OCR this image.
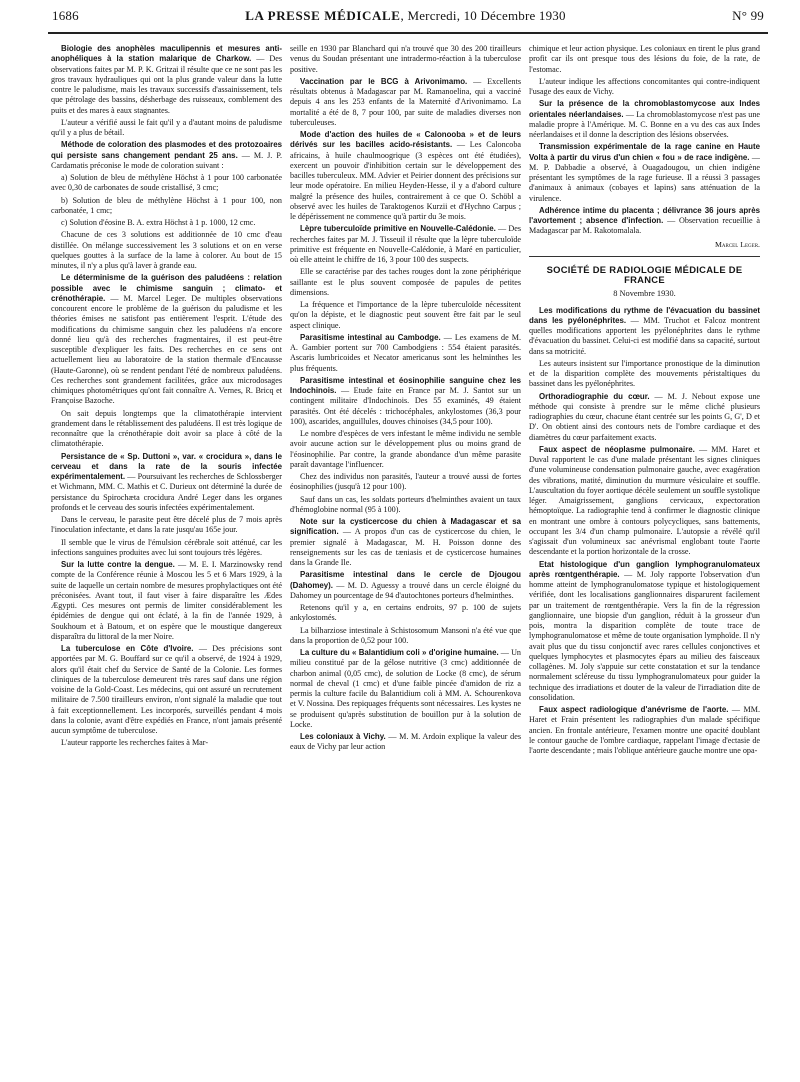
1686	LA PRESSE MÉDICALE, Mercredi, 10 Décembre 1930	N° 99

Biologie des anophèles maculipennis et mesures anti-anophéliques à la station malarique de Charkow. — Des observations faites par M. P. K. Gritzai il résulte que ce ne sont pas les gros travaux hydrauliques qui ont la plus grande valeur dans la lutte contre le paludisme, mais les travaux successifs d'assainissement, tels que pétrolage des bassins, désherbage des ruisseaux, comblement des puits et des mares à eaux stagnantes.

L'auteur a vérifié aussi le fait qu'il y a d'autant moins de paludisme qu'il y a plus de bétail.

Méthode de coloration des plasmodes et des protozoaires qui persiste sans changement pendant 25 ans. — M. J. P. Cardamatis préconise le mode de coloration suivant :

a) Solution de bleu de méthylène Höchst à 1 pour 100 carbonatée avec 0,30 de carbonates de soude cristallisé, 3 cmc;

b) Solution de bleu de méthylène Höchst à 1 pour 100, non carbonatée, 1 cmc;

c) Solution d'éosine B. A. extra Höchst à 1 p. 1000, 12 cmc.

Chacune de ces 3 solutions est additionnée de 10 cmc d'eau distillée. On mélange successivement les 3 solutions et on en verse quelques gouttes à la surface de la lame à colorer. Au bout de 15 minutes, il n'y a plus qu'à laver à grande eau.

Le déterminisme de la guérison des paludéens : relation possible avec le chimisme sanguin ; climato- et crénothérapie. — M. Marcel Leger. De multiples observations concourent encore le problème de la guérison du paludisme et les théories émises ne satisfont pas entièrement l'esprit. L'étude des modifications du chimisme sanguin chez les paludéens n'a encore donné lieu qu'à des recherches fragmentaires, il est peut-être susceptible d'expliquer les faits. Des recherches en ce sens ont actuellement lieu au laboratoire de la station thermale d'Encausse (Haute-Garonne), où se rendent pendant l'été de nombreux paludéens. Ces recherches sont grandement facilitées, grâce aux microdosages chimiques photométriques qu'ont fait connaître A. Vernes, R. Bricq et Françoise Bazoche.

On sait depuis longtemps que la climatothérapie intervient grandement dans le rétablissement des paludéens. Il est très logique de reconnaître que la crénothérapie doit avoir sa place à côté de la climatothérapie.

Persistance de « Sp. Duttoni », var. « crocidura », dans le cerveau et dans la rate de la souris infectée expérimentalement. — Poursuivant les recherches de Schlossberger et Wichmann, MM. C. Mathis et C. Durieux ont déterminé la durée de persistance du Spirochæta crocidura André Leger dans les organes profonds et le cerveau des souris infectées expérimentalement.

Dans le cerveau, le parasite peut être décelé plus de 7 mois après l'inoculation infectante, et dans la rate jusqu'au 165e jour.

Il semble que le virus de l'émulsion cérébrale soit atténué, car les infections sanguines produites avec lui sont toujours très légères.

Sur la lutte contre la dengue. — M. E. I. Marzinowsky rend compte de la Conférence réunie à Moscou les 5 et 6 Mars 1929, à la suite de laquelle un certain nombre de mesures prophylactiques ont été préconisées. Avant tout, il faut viser à faire disparaître les Ædes Ægypti. Ces mesures ont permis de limiter considérablement les épidémies de dengue qui ont éclaté, à la fin de l'année 1929, à Soukhoum et à Batoum, et on espère que le moustique dangereux disparaîtra du littoral de la mer Noire.

La tuberculose en Côte d'Ivoire. — Des précisions sont apportées par M. G. Bouffard sur ce qu'il a observé, de 1924 à 1929, alors qu'il était chef du Service de Santé de la Colonie. Les formes cliniques de la tuberculose demeurent très rares sauf dans une région voisine de la Gold-Coast. Les médecins, qui ont assuré un recrutement militaire de 7.500 tirailleurs environ, n'ont signalé la maladie que tout à fait exceptionnellement. Les incorporés, surveillés pendant 4 mois dans la colonie, avant d'être expédiés en France, n'ont jamais présenté aucun symptôme de tuberculose.

L'auteur rapporte les recherches faites à Mar-

seille en 1930 par Blanchard qui n'a trouvé que 30 des 200 tirailleurs venus du Soudan présentant une intradermo-réaction à la tuberculose positive.

Vaccination par le BCG à Arivonimamo. — Excellents résultats obtenus à Madagascar par M. Ramanoelina, qui a vacciné depuis 4 ans les 253 enfants de la Maternité d'Arivonimamo. La mortalité a été de 8, 7 pour 100, par suite de maladies diverses non tuberculeuses.

Mode d'action des huiles de « Calonooba » et de leurs dérivés sur les bacilles acido-résistants. — Les Caloncoba africains, à huile chaulmoogrique (3 espèces ont été étudiées), exercent un pouvoir d'inhibition certain sur le développement des bacilles tuberculeux. MM. Advier et Peirier donnent des précisions sur leur mode opératoire. En milieu Heyden-Hesse, il y a d'abord culture malgré la présence des huiles, contrairement à ce que O. Schöbl a observé avec les huiles de Taraktogenos Kurzii et d'Hychno Carpus ; le dépérissement ne commence qu'à partir du 3e mois.

Lèpre tuberculoïde primitive en Nouvelle-Calédonie. — Des recherches faites par M. J. Tisseuil il résulte que la lèpre tuberculoïde primitive est fréquente en Nouvelle-Calédonie, à Maré en particulier, où elle atteint le chiffre de 16, 3 pour 100 des suspects.

Elle se caractérise par des taches rouges dont la zone périphérique saillante est le plus souvent composée de papules de petites dimensions.

La fréquence et l'importance de la lèpre tuberculoïde nécessitent qu'on la dépiste, et le diagnostic peut souvent être fait par le seul aspect clinique.

Parasitisme intestinal au Cambodge. — Les examens de M. A. Gambier portent sur 700 Cambodgiens : 554 étaient parasités. Ascaris lumbricoides et Necator americanus sont les helminthes les plus fréquents.

Parasitisme intestinal et éosinophilie sanguine chez les Indochinois. — Etude faite en France par M. J. Santot sur un contingent militaire d'Indochinois. Des 55 examinés, 49 étaient parasités. Ont été décelés : trichocéphales, ankylostomes (36,3 pour 100), ascarides, anguillules, douves chinoises (34,5 pour 100).

Le nombre d'espèces de vers infestant le même individu ne semble avoir aucune action sur le développement plus ou moins grand de l'éosinophilie. Par contre, la grande abondance d'un même parasite paraît davantage l'influencer.

Chez des individus non parasités, l'auteur a trouvé aussi de fortes éosinophilies (jusqu'à 12 pour 100).

Sauf dans un cas, les soldats porteurs d'helminthes avaient un taux d'hémoglobine normal (95 à 100).

Note sur la cysticercose du chien à Madagascar et sa signification. — A propos d'un cas de cysticercose du chien, le premier signalé à Madagascar, M. H. Poisson donne des renseignements sur les cas de tæniasis et de cysticercose humaines dans la Grande Ile.

Parasitisme intestinal dans le cercle de Djougou (Dahomey). — M. D. Aguessy a trouvé dans un cercle éloigné du Dahomey un pourcentage de 94 d'autochtones porteurs d'helminthes.

Retenons qu'il y a, en certains endroits, 97 p. 100 de sujets ankylostomés.

La bilharziose intestinale à Schistosomum Mansoni n'a été vue que dans la proportion de 0,52 pour 100.

La culture du « Balantidium coli » d'origine humaine. — Un milieu constitué par de la gélose nutritive (3 cmc) additionnée de charbon animal (0,05 cmc), de solution de Locke (8 cmc), de sérum normal de cheval (1 cmc) et d'une faible pincée d'amidon de riz a permis la culture facile du Balantidium coli à MM. A. Schourenkova et V. Nossina. Des repiquages fréquents sont nécessaires. Les kystes ne se produisent qu'après substitution de bouillon pur à la solution de Locke.

Les coloniaux à Vichy. — M. M. Ardoin explique la valeur des eaux de Vichy par leur action

chimique et leur action physique. Les coloniaux en tirent le plus grand profit car ils ont presque tous des lésions du foie, de la rate, de l'estomac.

L'auteur indique les affections concomitantes qui contre-indiquent l'usage des eaux de Vichy.

Sur la présence de la chromoblastomycose aux Indes orientales néerlandaises. — La chromoblastomycose n'est pas une maladie propre à l'Amérique. M. C. Bonne en a vu des cas aux Indes néerlandaises et il donne la description des lésions observées.

Transmission expérimentale de la rage canine en Haute Volta à partir du virus d'un chien « fou » de race indigène. — M. P. Dabbadie a observé, à Ouagadougou, un chien indigène présentant les symptômes de la rage furieuse. Il a réussi 3 passages d'animaux à animaux (cobayes et lapins) sans atténuation de la virulence.

Adhérence intime du placenta ; délivrance 36 jours après l'avortement ; absence d'infection. — Observation recueillie à Madagascar par M. Rakotomalala.

Marcel Leger.
SOCIÉTÉ DE RADIOLOGIE MÉDICALE DE FRANCE
8 Novembre 1930.

Les modifications du rythme de l'évacuation du bassinet dans les pyélonéphrites. — MM. Truchot et Falcoz montrent quelles modifications apportent les pyélonéphrites dans le rythme d'évacuation du bassinet. Celui-ci est modifié dans sa capacité, surtout dans sa motricité.

Les auteurs insistent sur l'importance pronostique de la diminution et de la disparition complète des mouvements péristaltiques du bassinet dans les pyélonéphrites.

Orthoradiographie du cœur. — M. J. Nebout expose une méthode qui consiste à prendre sur le même cliché plusieurs radiographies du cœur, chacune étant centrée sur les points G, G', D et D'. On obtient ainsi des contours nets de l'ombre cardiaque et des diamètres du cœur parfaitement exacts.

Faux aspect de néoplasme pulmonaire. — MM. Haret et Duval rapportent le cas d'une malade présentant les signes cliniques d'une volumineuse condensation pulmonaire gauche, avec exagération des vibrations, matité, diminution du murmure vésiculaire et souffle. L'auscultation du foyer aortique décèle seulement un souffle systolique léger. Amaigrissement, ganglions cervicaux, expectoration hémoptoïque. La radiographie tend à confirmer le diagnostic clinique en montrant une ombre à contours polycycliques, sans battements, occupant les 3/4 d'un champ pulmonaire. L'autopsie a révélé qu'il s'agissait d'un volumineux sac anévrismal englobant toute l'aorte descendante et la portion horizontale de la crosse.

Etat histologique d'un ganglion lymphogranulomateux après rœntgenthérapie. — M. Joly rapporte l'observation d'un homme atteint de lymphogranulomatose typique et histologiquement vérifiée, dont les localisations ganglionnaires disparurent facilement par un traitement de rœntgenthérapie. Vers la fin de la régression ganglionnaire, une biopsie d'un ganglion, réduit à la grosseur d'un pois, montra la disparition complète de toute trace de lymphogranulomatose et même de toute organisation lymphoïde. Il n'y avait plus que du tissu conjonctif avec rares cellules conjonctives et quelques lymphocytes et plasmocytes épars au milieu des faisceaux collagènes. M. Joly s'appuie sur cette constatation et sur la tendance normalement scléreuse du tissu lymphogranulomateux pour guider la technique des irradiations et douter de la valeur de l'irradiation dite de consolidation.

Faux aspect radiologique d'anévrisme de l'aorte. — MM. Haret et Frain présentent les radiographies d'un malade spécifique ancien. En frontale antérieure, l'examen montre une opacité doublant le contour gauche de l'ombre cardiaque, rappelant l'image d'ectasie de l'aorte descendante ; mais l'oblique antérieure gauche montre une opa-
